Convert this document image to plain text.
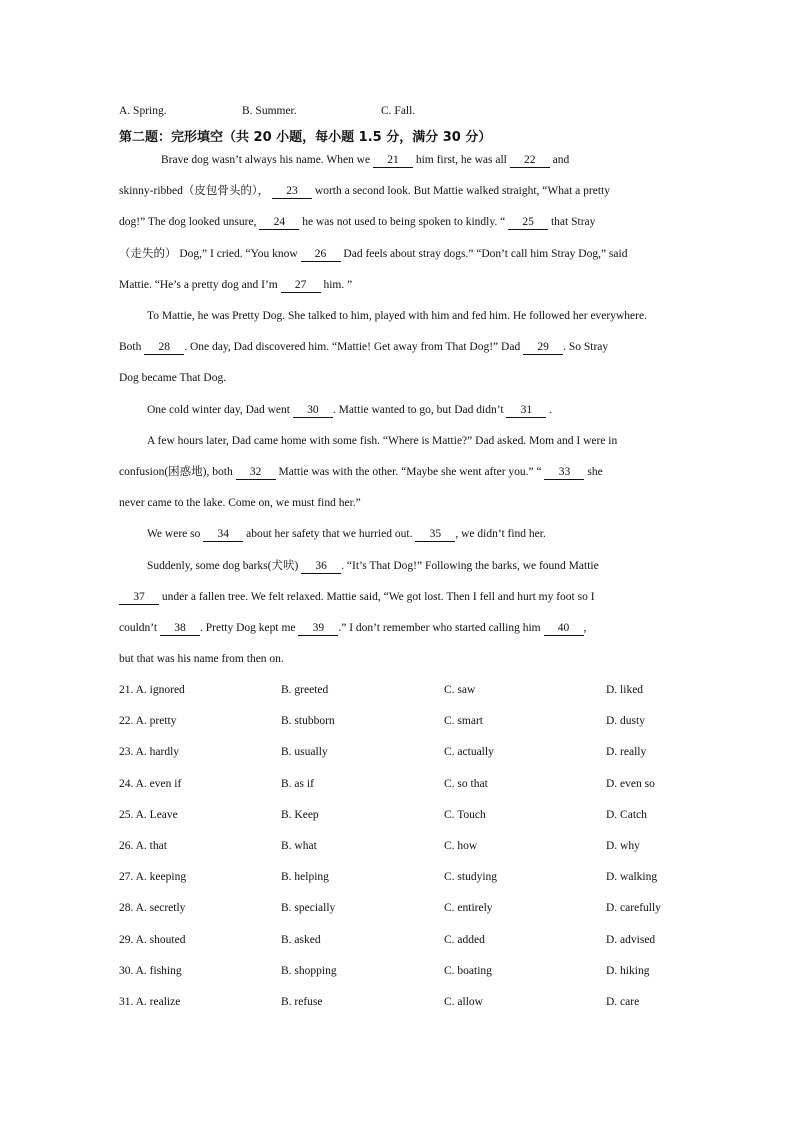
A. Spring.	B. Summer.	C. Fall.
第二题：完形填空（共 20 小题，每小题 1.5 分，满分 30 分）
Brave dog wasn’t always his name. When we 21 him first, he was all 22 and
skinny-ribbed（皮包骨头的）， 23 worth a second look. But Mattie walked straight, “What a pretty
dog!” The dog looked unsure, 24 he was not used to being spoken to kindly. “ 25 that Stray
（走失的） Dog,” I cried. “You know 26 Dad feels about stray dogs.” “Don’t call him Stray Dog,” said
Mattie. “He’s a pretty dog and I’m 27 him. ”
To Mattie, he was Pretty Dog. She talked to him, played with him and fed him. He followed her everywhere.
Both 28 . One day, Dad discovered him. “Mattie! Get away from That Dog!” Dad 29 . So Stray
Dog became That Dog.
One cold winter day, Dad went 30 . Mattie wanted to go, but Dad didn’t 31 .
A few hours later, Dad came home with some fish. “Where is Mattie?” Dad asked. Mom and I were in
confusion(困惑地), both 32 Mattie was with the other. “Maybe she went after you.” “ 33 she
never came to the lake. Come on, we must find her.”
We were so 34 about her safety that we hurried out. 35 , we didn’t find her.
Suddenly, some dog barks(犬吠) 36 . “It’s That Dog!” Following the barks, we found Mattie
37 under a fallen tree. We felt relaxed. Mattie said, “We got lost. Then I fell and hurt my foot so I
couldn’t 38 . Pretty Dog kept me 39 .” I don’t remember who started calling him 40 ,
but that was his name from then on.
21. A. ignored	B. greeted	C. saw	D. liked
22. A. pretty	B. stubborn	C. smart	D. dusty
23. A. hardly	B. usually	C. actually	D. really
24. A. even if	B. as if	C. so that	D. even so
25. A. Leave	B. Keep	C. Touch	D. Catch
26. A. that	B. what	C. how	D. why
27. A. keeping	B. helping	C. studying	D. walking
28. A. secretly	B. specially	C. entirely	D. carefully
29. A. shouted	B. asked	C. added	D. advised
30. A. fishing	B. shopping	C. boating	D. hiking
31. A. realize	B. refuse	C. allow	D. care
